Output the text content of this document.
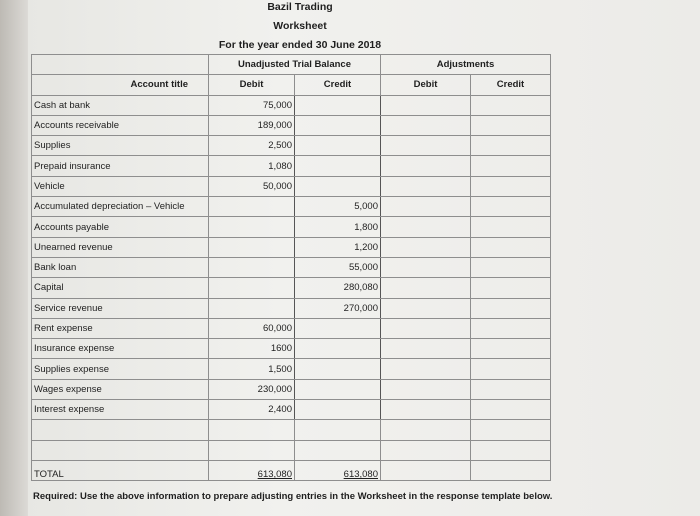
Bazil Trading
Worksheet
For the year ended 30 June 2018
	Unadjusted Trial Balance		Adjustments	
Account title	Debit	Credit	Debit	Credit
Cash at bank	75,000			
Accounts receivable	189,000			
Supplies	2,500			
Prepaid insurance	1,080			
Vehicle	50,000			
Accumulated depreciation – Vehicle		5,000		
Accounts payable		1,800		
Unearned revenue		1,200		
Bank loan		55,000		
Capital		280,080		
Service revenue		270,000		
Rent expense	60,000			
Insurance expense	1600			
Supplies expense	1,500			
Wages expense	230,000			
Interest expense	2,400			

TOTAL	613,080	613,080		
Required: Use the above information to prepare adjusting entries in the Worksheet in the response template below.
